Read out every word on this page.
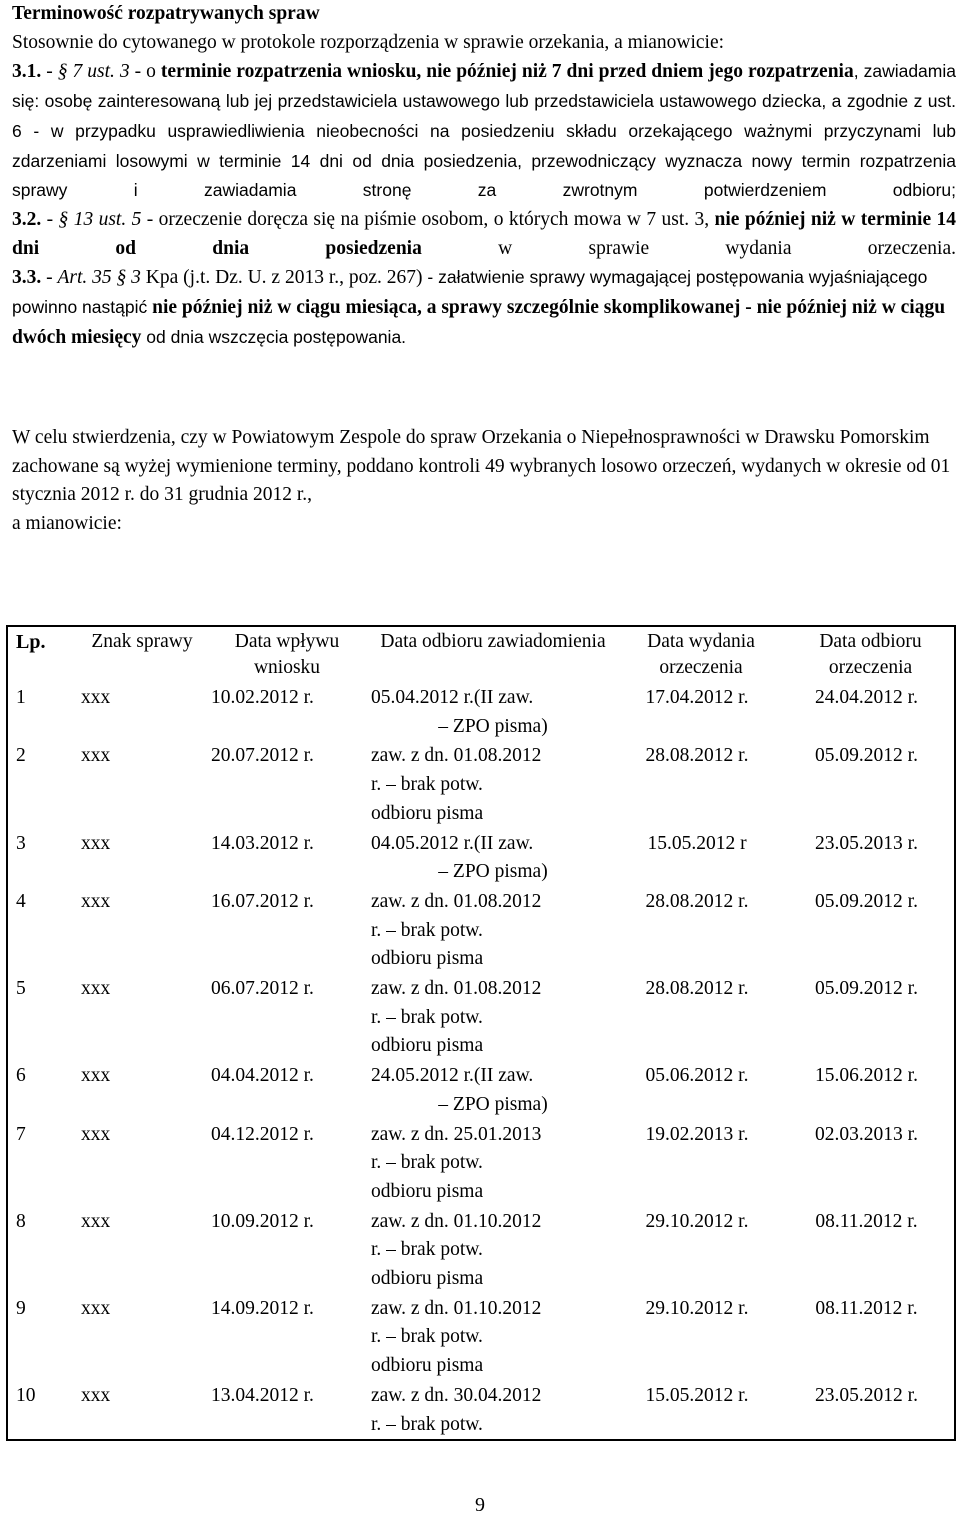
Terminowość rozpatrywanych spraw

Stosownie do cytowanego w protokole rozporządzenia w sprawie orzekania, a mianowicie:

3.1. - § 7 ust. 3 - o terminie rozpatrzenia wniosku, nie później niż 7 dni przed dniem jego rozpatrzenia, zawiadamia się: osobę zainteresowaną lub jej przedstawiciela ustawowego lub przedstawiciela ustawowego dziecka, a zgodnie z ust. 6 - w przypadku usprawiedliwienia nieobecności na posiedzeniu składu orzekającego ważnymi przyczynami lub zdarzeniami losowymi w terminie 14 dni od dnia posiedzenia, przewodniczący wyznacza nowy termin rozpatrzenia sprawy i zawiadamia stronę za zwrotnym potwierdzeniem odbioru;

3.2. - § 13 ust. 5 - orzeczenie doręcza się na piśmie osobom, o których mowa w 7 ust. 3, nie później niż w terminie 14 dni od dnia posiedzenia w sprawie wydania orzeczenia.

3.3. - Art. 35 § 3 Kpa (j.t. Dz. U. z 2013 r., poz. 267) - załatwienie sprawy wymagającej postępowania wyjaśniającego powinno nastąpić nie później niż w ciągu miesiąca, a sprawy szczególnie skomplikowanej - nie później niż w ciągu dwóch miesięcy od dnia wszczęcia postępowania.

W celu stwierdzenia, czy w Powiatowym Zespole do spraw Orzekania o Niepełnosprawności w Drawsku Pomorskim zachowane są wyżej wymienione terminy, poddano kontroli 49 wybranych losowo orzeczeń, wydanych w okresie od 01 stycznia 2012 r. do 31 grudnia 2012 r.,

a mianowicie:

Lp.	Znak sprawy	Data wpływu wniosku	Data odbioru zawiadomienia	Data wydania orzeczenia	Data odbioru orzeczenia
1	xxx	10.02.2012 r.	05.04.2012 r.(II zaw.
– ZPO pisma)	17.04.2012 r.	24.04.2012 r.
2	xxx	20.07.2012 r.	zaw. z dn. 01.08.2012
r. – brak potw.
odbioru pisma	28.08.2012 r.	05.09.2012 r.
3	xxx	14.03.2012 r.	04.05.2012 r.(II zaw.
– ZPO pisma)	15.05.2012 r	23.05.2013 r.
4	xxx	16.07.2012 r.	zaw. z dn. 01.08.2012
r. – brak potw.
odbioru pisma	28.08.2012 r.	05.09.2012 r.
5	xxx	06.07.2012 r.	zaw. z dn. 01.08.2012
r. – brak potw.
odbioru pisma	28.08.2012 r.	05.09.2012 r.
6	xxx	04.04.2012 r.	24.05.2012 r.(II zaw.
– ZPO pisma)	05.06.2012 r.	15.06.2012 r.
7	xxx	04.12.2012 r.	zaw. z dn. 25.01.2013
r. – brak potw.
odbioru pisma	19.02.2013 r.	02.03.2013 r.
8	xxx	10.09.2012 r.	zaw. z dn. 01.10.2012
r. – brak potw.
odbioru pisma	29.10.2012 r.	08.11.2012 r.
9	xxx	14.09.2012 r.	zaw. z dn. 01.10.2012
r. – brak potw.
odbioru pisma	29.10.2012 r.	08.11.2012 r.
10	xxx	13.04.2012 r.	zaw. z dn. 30.04.2012
r. – brak potw.	15.05.2012 r.	23.05.2012 r.
9
